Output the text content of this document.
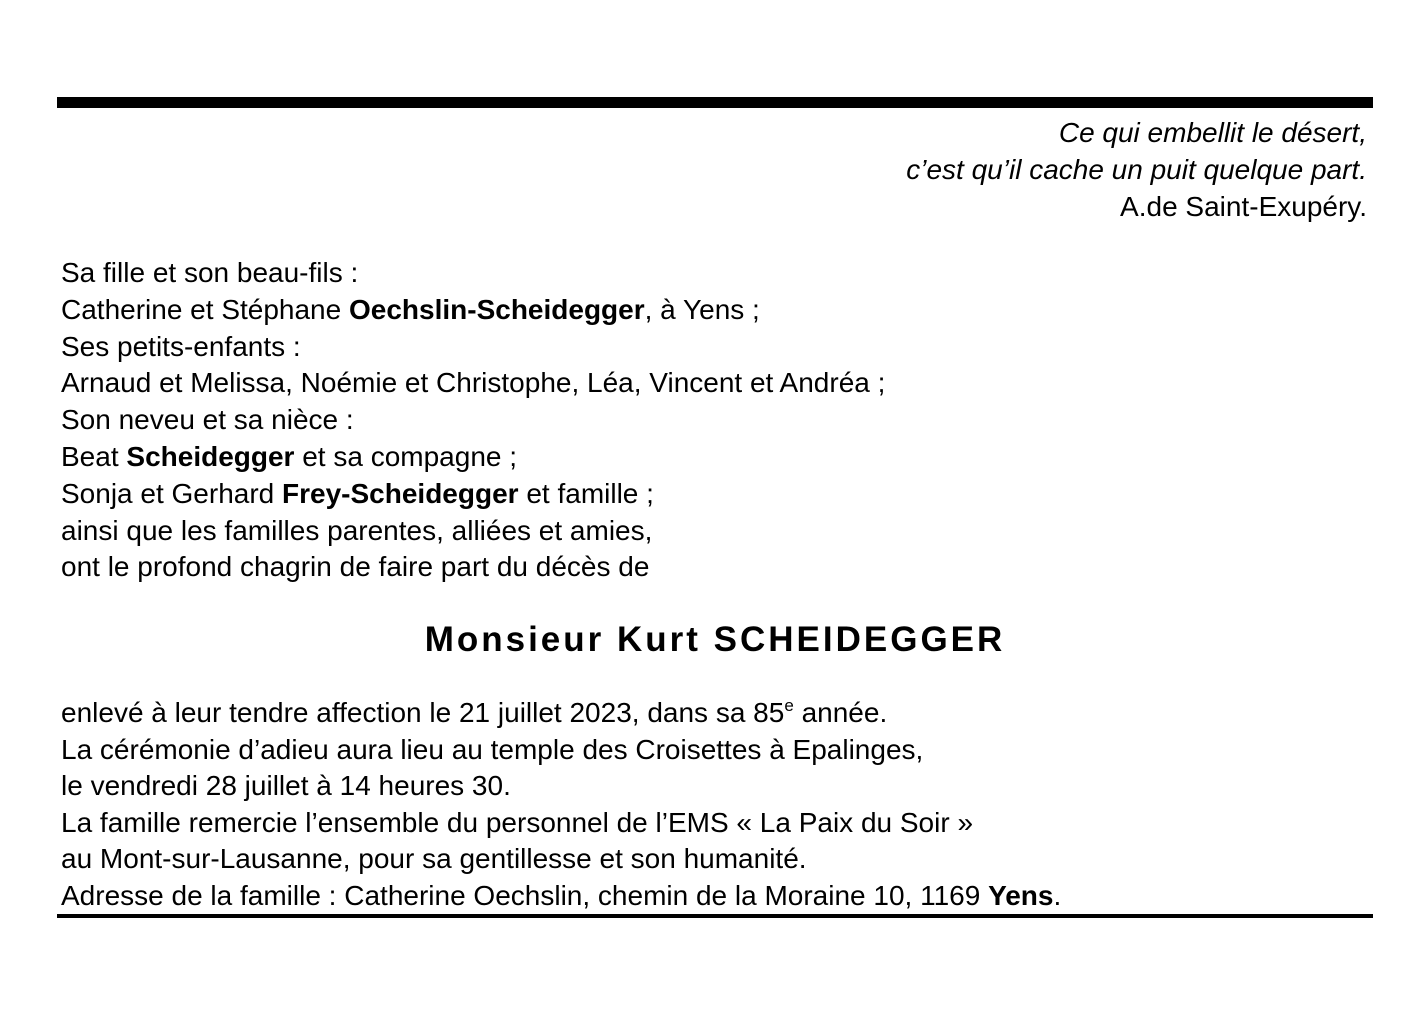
Ce qui embellit le désert,
c’est qu’il cache un puit quelque part.
A.de Saint-Exupéry.
Sa fille et son beau-fils :
Catherine et Stéphane Oechslin-Scheidegger, à Yens ;
Ses petits-enfants :
Arnaud et Melissa, Noémie et Christophe, Léa, Vincent et Andréa ;
Son neveu et sa nièce :
Beat Scheidegger et sa compagne ;
Sonja et Gerhard Frey-Scheidegger et famille ;
ainsi que les familles parentes, alliées et amies,
ont le profond chagrin de faire part du décès de
Monsieur Kurt SCHEIDEGGER
enlevé à leur tendre affection le 21 juillet 2023, dans sa 85e année.
La cérémonie d’adieu aura lieu au temple des Croisettes à Epalinges,
le vendredi 28 juillet à 14 heures 30.
La famille remercie l’ensemble du personnel de l’EMS « La Paix du Soir »
au Mont-sur-Lausanne, pour sa gentillesse et son humanité.
Adresse de la famille : Catherine Oechslin, chemin de la Moraine 10, 1169 Yens.
